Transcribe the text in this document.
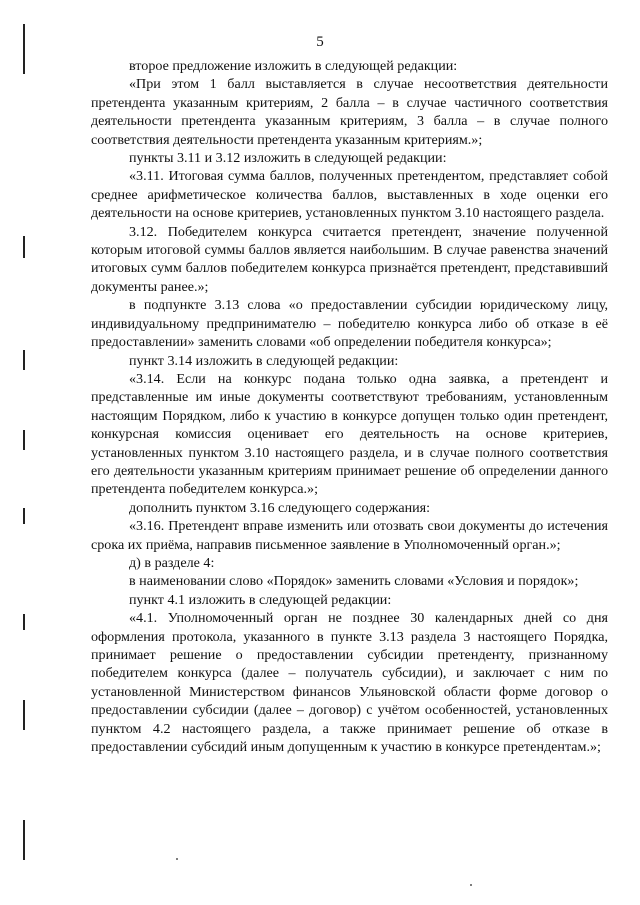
5

второе предложение изложить в следующей редакции:

«При этом 1 балл выставляется в случае несоответствия деятельности претендента указанным критериям, 2 балла – в случае частичного соответствия деятельности претендента указанным критериям, 3 балла – в случае полного соответствия деятельности претендента указанным критериям.»;

пункты 3.11 и 3.12 изложить в следующей редакции:

«3.11. Итоговая сумма баллов, полученных претендентом, представляет собой среднее арифметическое количества баллов, выставленных в ходе оценки его деятельности на основе критериев, установленных пунктом 3.10 настоящего раздела.

3.12. Победителем конкурса считается претендент, значение полученной которым итоговой суммы баллов является наибольшим. В случае равенства значений итоговых сумм баллов победителем конкурса признаётся претендент, представивший документы ранее.»;

в подпункте 3.13 слова «о предоставлении субсидии юридическому лицу, индивидуальному предпринимателю – победителю конкурса либо об отказе в её предоставлении» заменить словами «об определении победителя конкурса»;

пункт 3.14 изложить в следующей редакции:

«3.14. Если на конкурс подана только одна заявка, а претендент и представленные им иные документы соответствуют требованиям, установленным настоящим Порядком, либо к участию в конкурсе допущен только один претендент, конкурсная комиссия оценивает его деятельность на основе критериев, установленных пунктом 3.10 настоящего раздела, и в случае полного соответствия его деятельности указанным критериям принимает решение об определении данного претендента победителем конкурса.»;

дополнить пунктом 3.16 следующего содержания:

«3.16. Претендент вправе изменить или отозвать свои документы до истечения срока их приёма, направив письменное заявление в Уполномоченный орган.»;

д) в разделе 4:

в наименовании слово «Порядок» заменить словами «Условия и порядок»;

пункт 4.1 изложить в следующей редакции:

«4.1. Уполномоченный орган не позднее 30 календарных дней со дня оформления протокола, указанного в пункте 3.13 раздела 3 настоящего Порядка, принимает решение о предоставлении субсидии претенденту, признанному победителем конкурса (далее – получатель субсидии), и заключает с ним по установленной Министерством финансов Ульяновской области форме договор о предоставлении субсидии (далее – договор) с учётом особенностей, установленных пунктом 4.2 настоящего раздела, а также принимает решение об отказе в предоставлении субсидий иным допущенным к участию в конкурсе претендентам.»;
